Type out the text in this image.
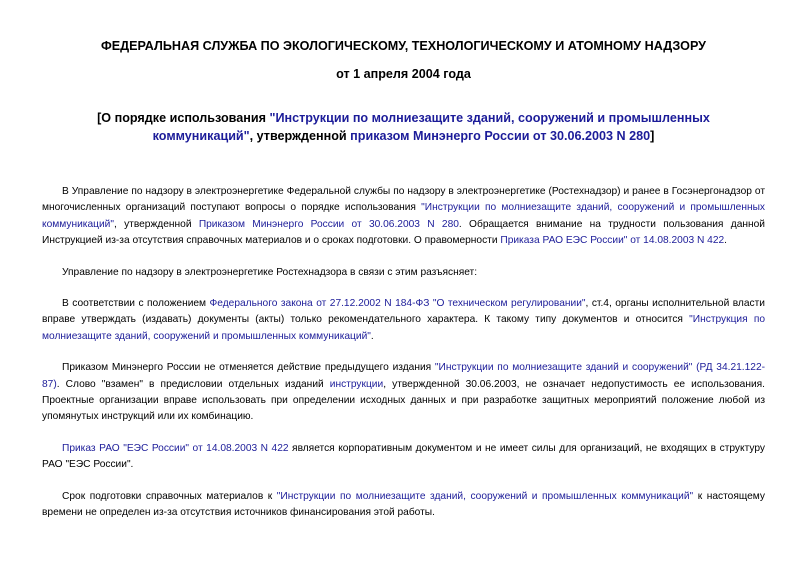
ФЕДЕРАЛЬНАЯ СЛУЖБА ПО ЭКОЛОГИЧЕСКОМУ, ТЕХНОЛОГИЧЕСКОМУ И АТОМНОМУ НАДЗОРУ
от 1 апреля 2004 года
[О порядке использования "Инструкции по молниезащите зданий, сооружений и промышленных коммуникаций", утвержденной приказом Минэнерго России от 30.06.2003 N 280]

В Управление по надзору в электроэнергетике Федеральной службы по надзору в электроэнергетике (Ростехнадзор) и ранее в Госэнергонадзор от многочисленных организаций поступают вопросы о порядке использования "Инструкции по молниезащите зданий, сооружений и промышленных коммуникаций", утвержденной Приказом Минэнерго России от 30.06.2003 N 280. Обращается внимание на трудности пользования данной Инструкцией из-за отсутствия справочных материалов и о сроках подготовки. О правомерности Приказа РАО ЕЭС России" от 14.08.2003 N 422.

Управление по надзору в электроэнергетике Ростехнадзора в связи с этим разъясняет:

В соответствии с положением Федерального закона от 27.12.2002 N 184-ФЗ "О техническом регулировании", ст.4, органы исполнительной власти вправе утверждать (издавать) документы (акты) только рекомендательного характера. К такому типу документов и относится "Инструкция по молниезащите зданий, сооружений и промышленных коммуникаций".

Приказом Минэнерго России не отменяется действие предыдущего издания "Инструкции по молниезащите зданий и сооружений" (РД 34.21.122-87). Слово "взамен" в предисловии отдельных изданий инструкции, утвержденной 30.06.2003, не означает недопустимость ее использования. Проектные организации вправе использовать при определении исходных данных и при разработке защитных мероприятий положение любой из упомянутых инструкций или их комбинацию.

Приказ РАО "ЕЭС России" от 14.08.2003 N 422 является корпоративным документом и не имеет силы для организаций, не входящих в структуру РАО "ЕЭС России".

Срок подготовки справочных материалов к "Инструкции по молниезащите зданий, сооружений и промышленных коммуникаций" к настоящему времени не определен из-за отсутствия источников финансирования этой работы.
